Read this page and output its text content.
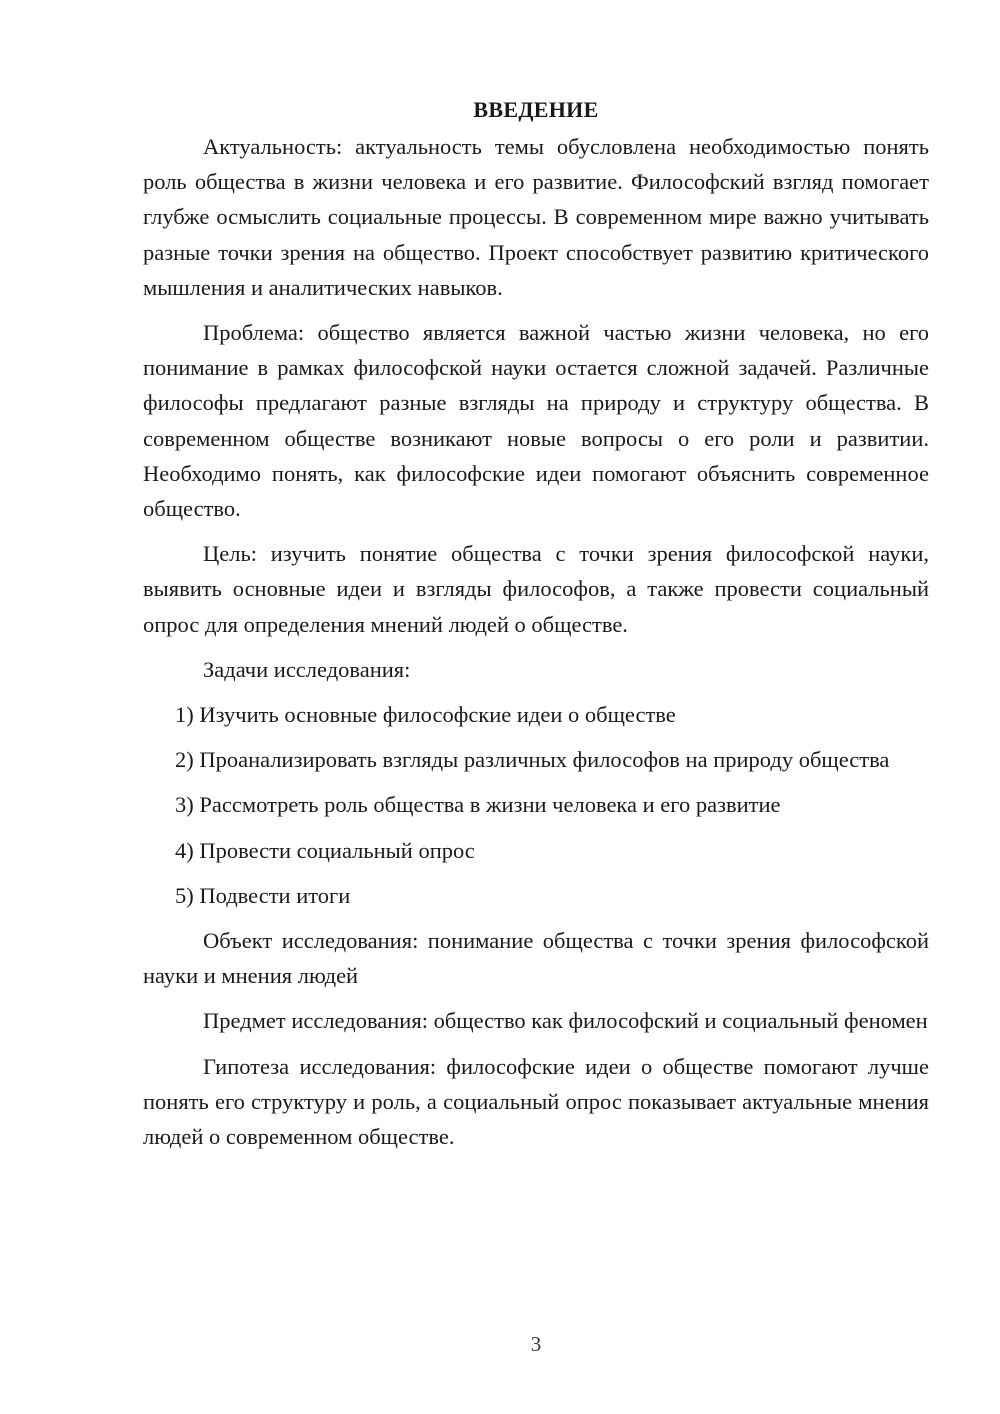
ВВЕДЕНИЕ

Актуальность: актуальность темы обусловлена необходимостью понять роль общества в жизни человека и его развитие. Философский взгляд помогает глубже осмыслить социальные процессы. В современном мире важно учитывать разные точки зрения на общество. Проект способствует развитию критического мышления и аналитических навыков.

Проблема: общество является важной частью жизни человека, но его понимание в рамках философской науки остается сложной задачей. Различные философы предлагают разные взгляды на природу и структуру общества. В современном обществе возникают новые вопросы о его роли и развитии. Необходимо понять, как философские идеи помогают объяснить современное общество.

Цель: изучить понятие общества с точки зрения философской науки, выявить основные идеи и взгляды философов, а также провести социальный опрос для определения мнений людей о обществе.

Задачи исследования:

1) Изучить основные философские идеи о обществе

2) Проанализировать взгляды различных философов на природу общества

3) Рассмотреть роль общества в жизни человека и его развитие

4) Провести социальный опрос

5) Подвести итоги

Объект исследования: понимание общества с точки зрения философской науки и мнения людей

Предмет исследования: общество как философский и социальный феномен

Гипотеза исследования: философские идеи о обществе помогают лучше понять его структуру и роль, а социальный опрос показывает актуальные мнения людей о современном обществе.

3
